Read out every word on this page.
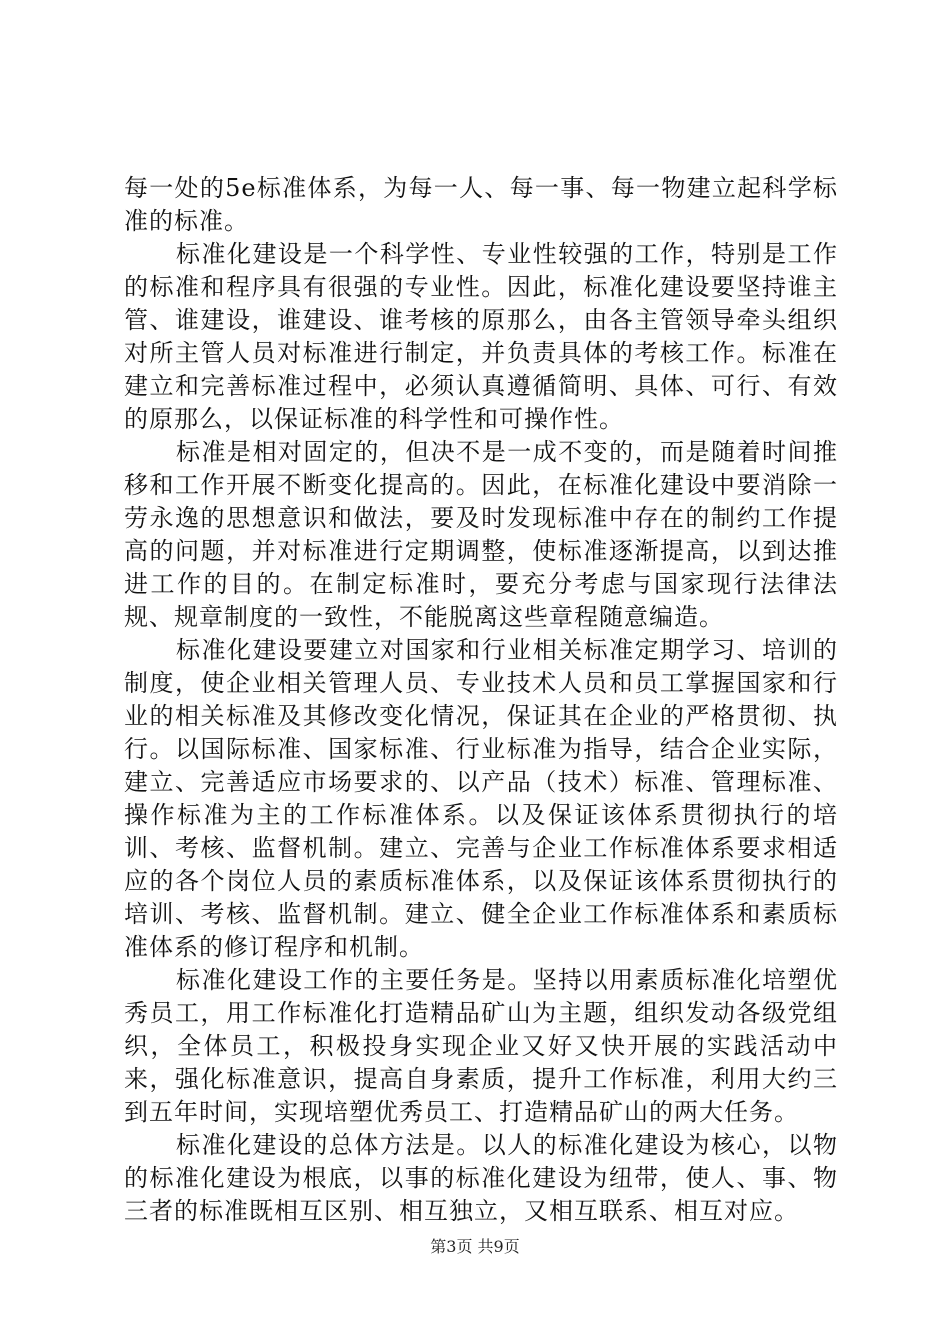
每一处的5e标准体系，为每一人、每一事、每一物建立起科学标准的标准。

标准化建设是一个科学性、专业性较强的工作，特别是工作的标准和程序具有很强的专业性。因此，标准化建设要坚持谁主管、谁建设，谁建设、谁考核的原那么，由各主管领导牵头组织对所主管人员对标准进行制定，并负责具体的考核工作。标准在建立和完善标准过程中，必须认真遵循简明、具体、可行、有效的原那么，以保证标准的科学性和可操作性。

标准是相对固定的，但决不是一成不变的，而是随着时间推移和工作开展不断变化提高的。因此，在标准化建设中要消除一劳永逸的思想意识和做法，要及时发现标准中存在的制约工作提高的问题，并对标准进行定期调整，使标准逐渐提高，以到达推进工作的目的。在制定标准时，要充分考虑与国家现行法律法规、规章制度的一致性，不能脱离这些章程随意编造。

标准化建设要建立对国家和行业相关标准定期学习、培训的制度，使企业相关管理人员、专业技术人员和员工掌握国家和行业的相关标准及其修改变化情况，保证其在企业的严格贯彻、执行。以国际标准、国家标准、行业标准为指导，结合企业实际，建立、完善适应市场要求的、以产品（技术）标准、管理标准、操作标准为主的工作标准体系。以及保证该体系贯彻执行的培训、考核、监督机制。建立、完善与企业工作标准体系要求相适应的各个岗位人员的素质标准体系，以及保证该体系贯彻执行的培训、考核、监督机制。建立、健全企业工作标准体系和素质标准体系的修订程序和机制。

标准化建设工作的主要任务是。坚持以用素质标准化培塑优秀员工，用工作标准化打造精品矿山为主题，组织发动各级党组织，全体员工，积极投身实现企业又好又快开展的实践活动中来，强化标准意识，提高自身素质，提升工作标准，利用大约三到五年时间，实现培塑优秀员工、打造精品矿山的两大任务。

标准化建设的总体方法是。以人的标准化建设为核心，以物的标准化建设为根底，以事的标准化建设为纽带，使人、事、物三者的标准既相互区别、相互独立，又相互联系、相互对应。

第3页 共9页
